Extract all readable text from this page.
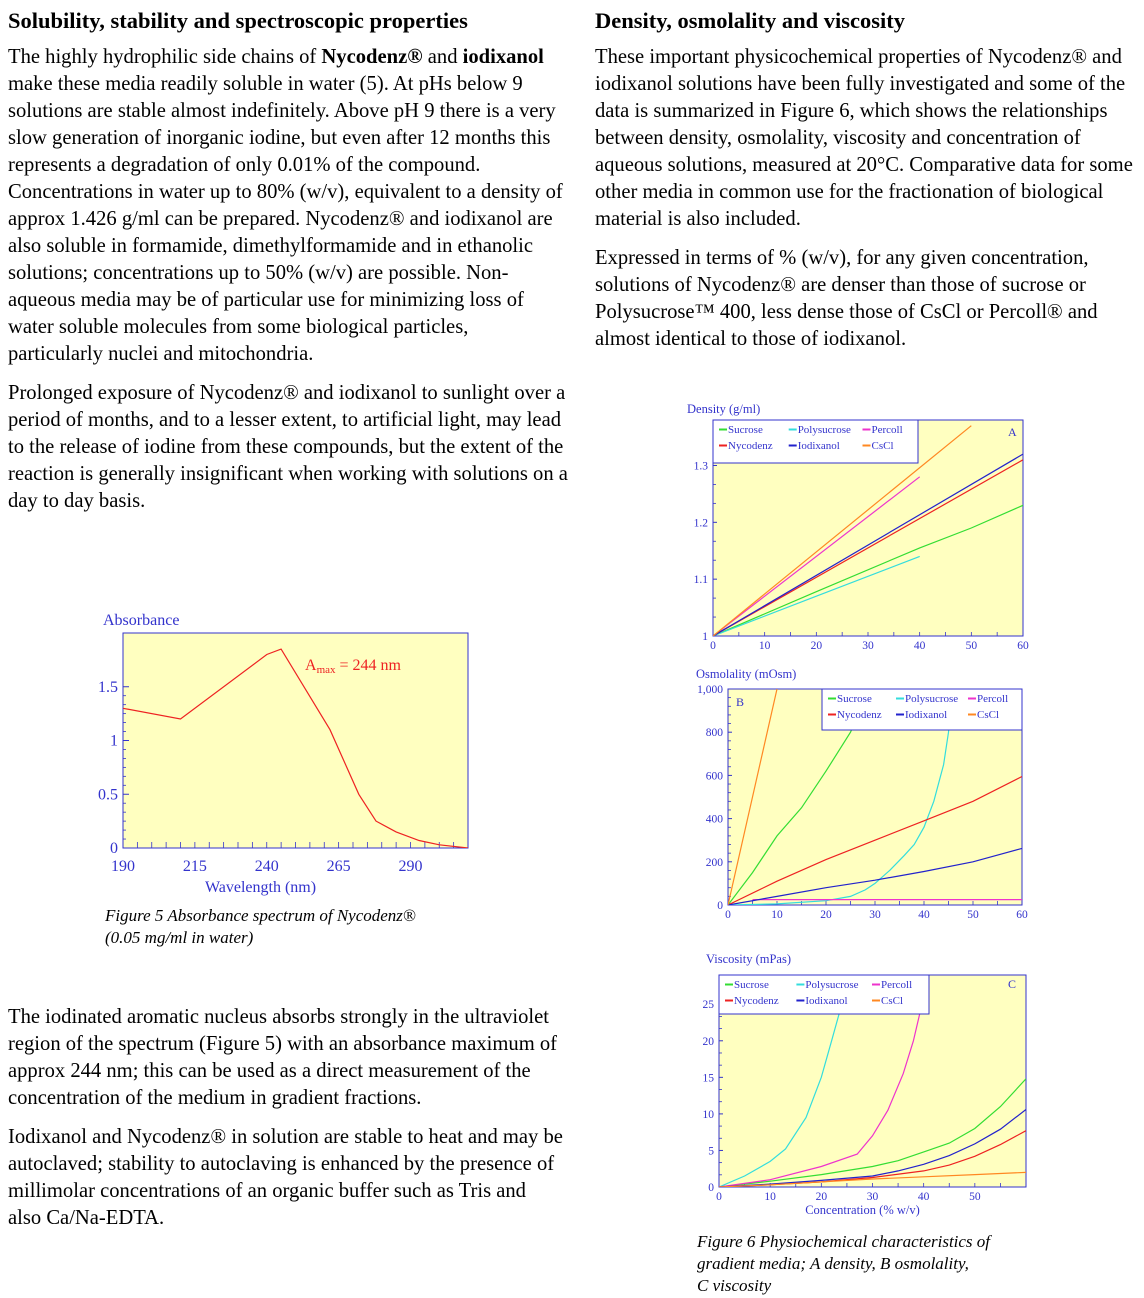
Solubility, stability and spectroscopic properties

The highly hydrophilic side chains of Nycodenz® and iodixanol make these media readily soluble in water (5). At pHs below 9 solutions are stable almost indefinitely. Above pH 9 there is a very slow generation of inorganic iodine, but even after 12 months this represents a degradation of only 0.01% of the compound. Concentrations in water up to 80% (w/v), equivalent to a density of approx 1.426 g/ml can be prepared. Nycodenz® and iodixanol are also soluble in formamide, dimethylformamide and in ethanolic solutions; concentrations up to 50% (w/v) are possible. Non-aqueous media may be of particular use for minimizing loss of water soluble molecules from some biological particles, particularly nuclei and mitochondria.

Prolonged exposure of Nycodenz® and iodixanol to sunlight over a period of months, and to a lesser extent, to artificial light, may lead to the release of iodine from these compounds, but the extent of the reaction is generally insignificant when working with solutions on a day to day basis.

Absorbance
0
0.5
1
1.5
190	215	240	265	290
Wavelength (nm)
Amax = 244 nm

Figure 5 Absorbance spectrum of Nycodenz®

(0.05 mg/ml in water)

The iodinated aromatic nucleus absorbs strongly in the ultraviolet region of the spectrum (Figure 5) with an absorbance maximum of approx 244 nm; this can be used as a direct measurement of the concentration of the medium in gradient fractions.

Iodixanol and Nycodenz® in solution are stable to heat and may be autoclaved; stability to autoclaving is enhanced by the presence of millimolar concentrations of an organic buffer such as Tris and also Ca/Na-EDTA.

Density, osmolality and viscosity

These important physicochemical properties of Nycodenz® and iodixanol solutions have been fully investigated and some of the data is summarized in Figure 6, which shows the relationships between density, osmolality, viscosity and concentration of aqueous solutions, measured at 20°C. Comparative data for some other media in common use for the fractionation of biological material is also included.

Expressed in terms of % (w/v), for any given concentration, solutions of Nycodenz® are denser than those of sucrose or Polysucrose™ 400, less dense those of CsCl or Percoll® and almost identical to those of iodixanol.

Density (g/ml)
1
1.1
1.2
1.3
0	10	20	30	40	50	60
Sucrose	Polysucrose Percoll
Nycodenz Iodixanol	CsCl
A
Osmolality (mOsm)
0
200
400
600
800
1,000
0	10	20	30	40	50	60
Sucrose	Polysucrose Percoll
Nycodenz Iodixanol	CsCl
B
Viscosity (mPas)
0
5
10
15
20
25
0	10	20	30	40	50
Concentration (% w/v)
Sucrose	Polysucrose Percoll
Nycodenz Iodixanol	CsCl
C

Figure 6 Physiochemical characteristics of

gradient media; A density, B osmolality,

C viscosity
